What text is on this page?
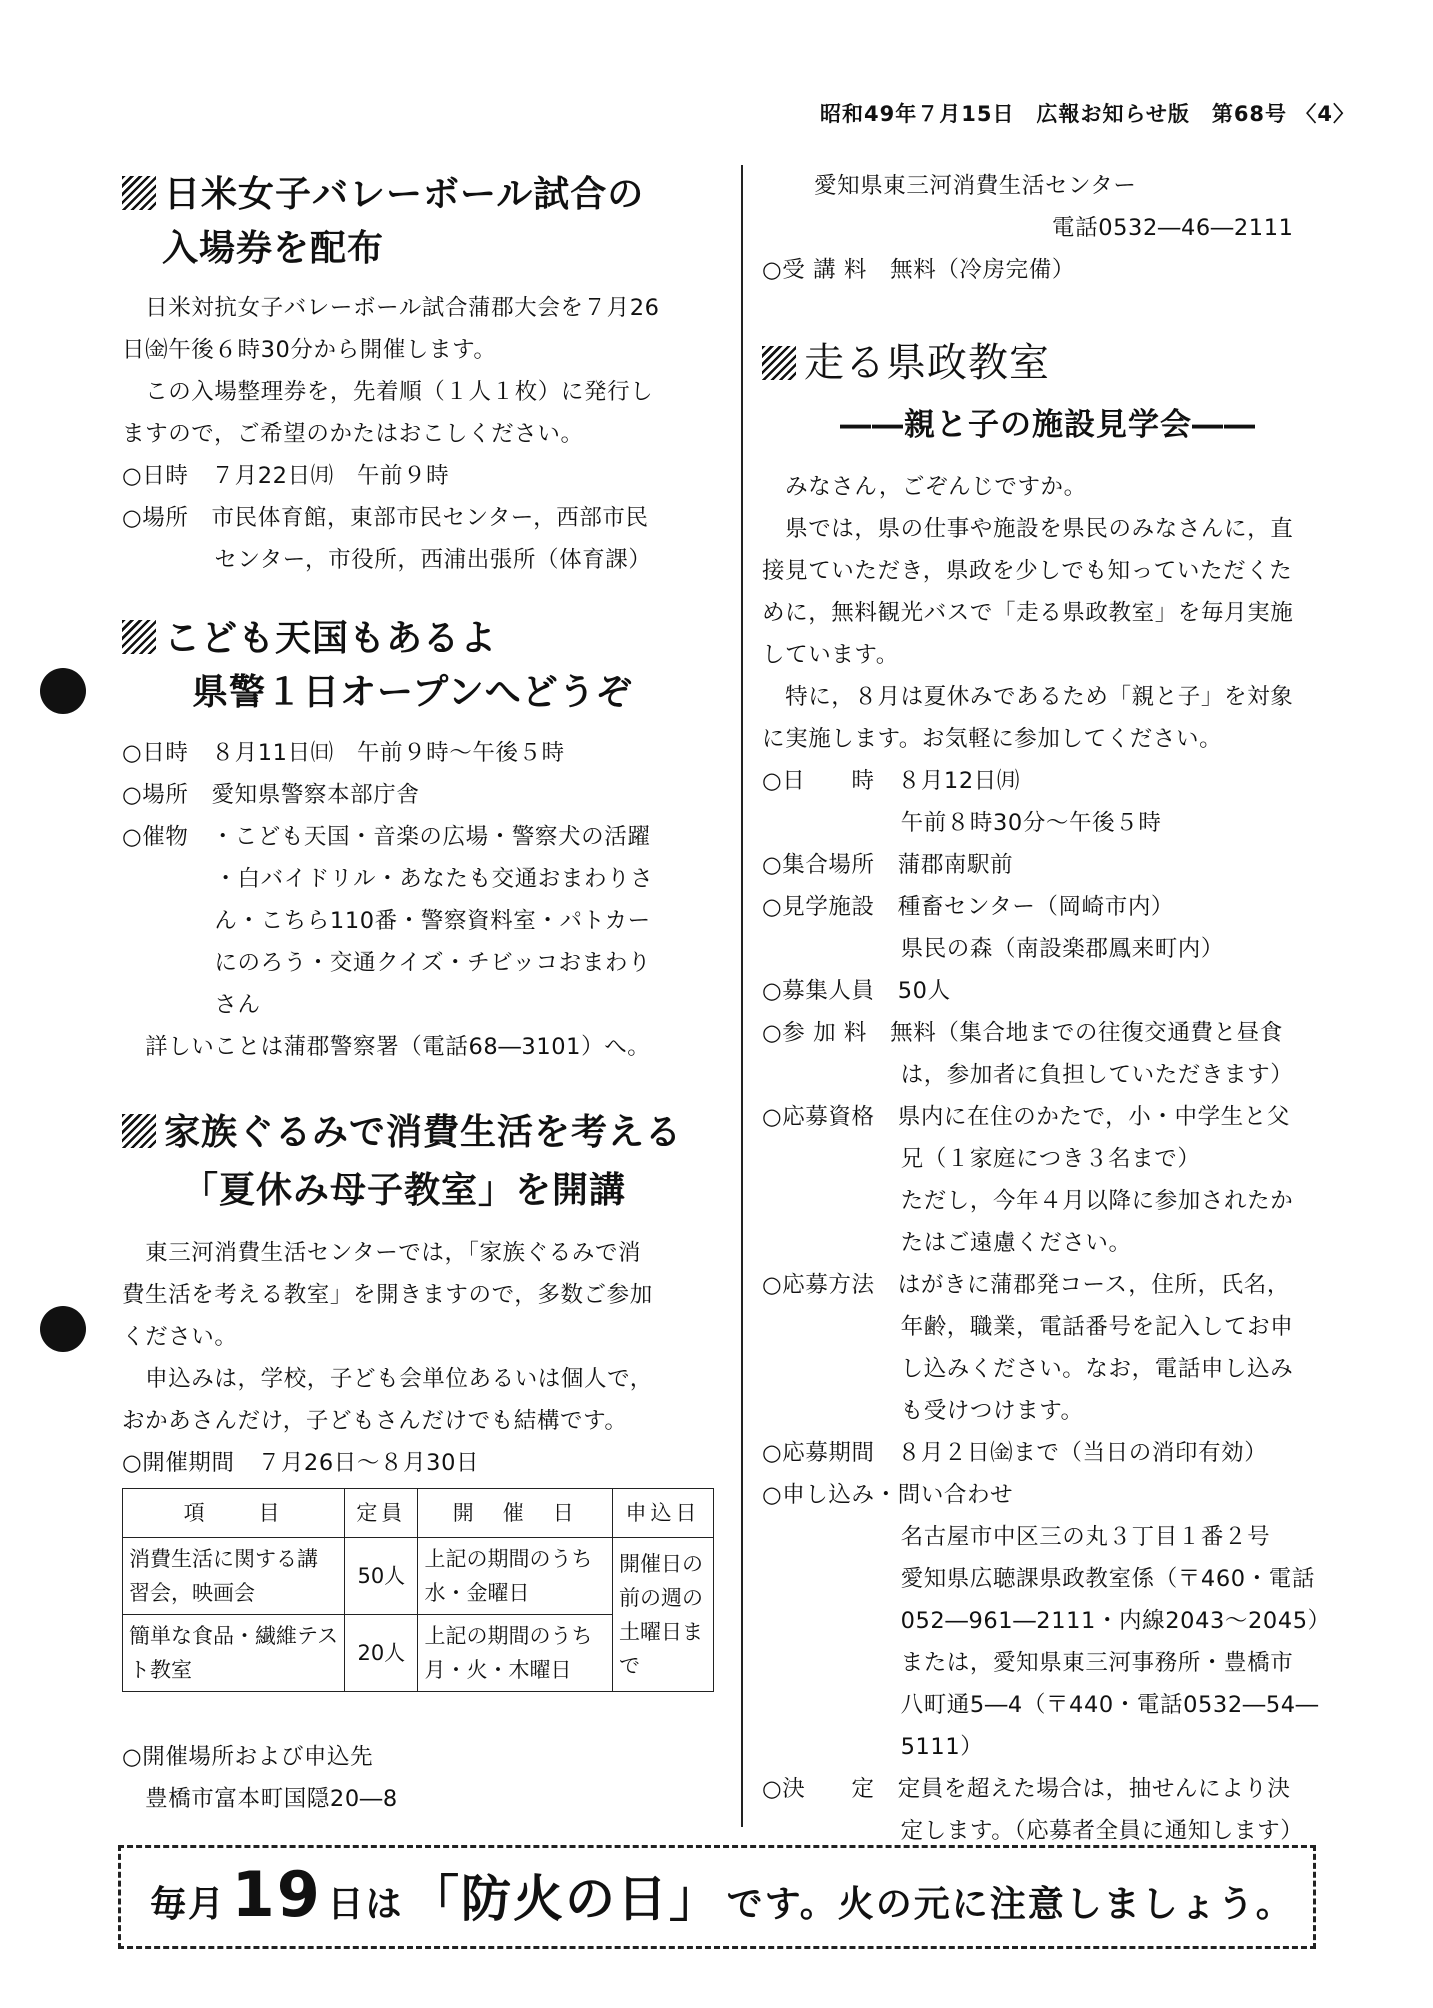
昭和49年７月15日　広報お知らせ版　第68号 〈4〉
日米女子バレーボール試合の
入場券を配布
　日米対抗女子バレーボール試合蒲郡大会を７月26
日㈮午後６時30分から開催します。
　この入場整理券を，先着順（１人１枚）に発行し
ますので，ご希望のかたはおこしください。
○日時　７月22日㈪　午前９時
○場所　市民体育館，東部市民センター，西部市民
　　　　センター，市役所，西浦出張所（体育課）
こども天国もあるよ
県警１日オープンへどうぞ
○日時　８月11日㈰　午前９時～午後５時
○場所　愛知県警察本部庁舎
○催物　・こども天国・音楽の広場・警察犬の活躍
　　　　・白バイドリル・あなたも交通おまわりさ
　　　　ん・こちら110番・警察資料室・パトカー
　　　　にのろう・交通クイズ・チビッコおまわり
　　　　さん
　詳しいことは蒲郡警察署（電話68―3101）へ。
家族ぐるみで消費生活を考える
「夏休み母子教室」を開講
　東三河消費生活センターでは，「家族ぐるみで消
費生活を考える教室」を開きますので，多数ご参加
ください。
　申込みは，学校，子ども会単位あるいは個人で，
おかあさんだけ，子どもさんだけでも結構です。
○開催期間　７月26日～８月30日
項　　目	定員	開　催　日	申込日
消費生活に関する講習会，映画会	50人	上記の期間のうち水・金曜日	開催日の前の週の土曜日まで
簡単な食品・繊維テスト教室	20人	上記の期間のうち月・火・木曜日	
○開催場所および申込先
　豊橋市富本町国隠20―8
愛知県東三河消費生活センター
電話0532―46―2111
○受 講 料　無料（冷房完備）
走る県政教室
――親と子の施設見学会――
　みなさん，ごぞんじですか。
　県では，県の仕事や施設を県民のみなさんに，直
接見ていただき，県政を少しでも知っていただくた
めに，無料観光バスで「走る県政教室」を毎月実施
しています。
　特に，８月は夏休みであるため「親と子」を対象
に実施します。お気軽に参加してください。
○日　　時　８月12日㈪
　　　　　　午前８時30分～午後５時
○集合場所　蒲郡南駅前
○見学施設　種畜センター（岡崎市内）
　　　　　　県民の森（南設楽郡鳳来町内）
○募集人員　50人
○参 加 料　無料（集合地までの往復交通費と昼食
　　　　　　は，参加者に負担していただきます）
○応募資格　県内に在住のかたで，小・中学生と父
　　　　　　兄（１家庭につき３名まで）
　　　　　　ただし，今年４月以降に参加されたか
　　　　　　たはご遠慮ください。
○応募方法　はがきに蒲郡発コース，住所，氏名，
　　　　　　年齢，職業，電話番号を記入してお申
　　　　　　し込みください。なお，電話申し込み
　　　　　　も受けつけます。
○応募期間　８月２日㈮まで（当日の消印有効）
○申し込み・問い合わせ
　　　　　　名古屋市中区三の丸３丁目１番２号
　　　　　　愛知県広聴課県政教室係（〒460・電話
　　　　　　052―961―2111・内線2043～2045）
　　　　　　または，愛知県東三河事務所・豊橋市
　　　　　　八町通5―4（〒440・電話0532―54―
　　　　　　5111）
○決　　定　定員を超えた場合は，抽せんにより決
　　　　　　定します。（応募者全員に通知します）
毎月 19 日は 「防火の日」 です。火の元に注意しましょう。
